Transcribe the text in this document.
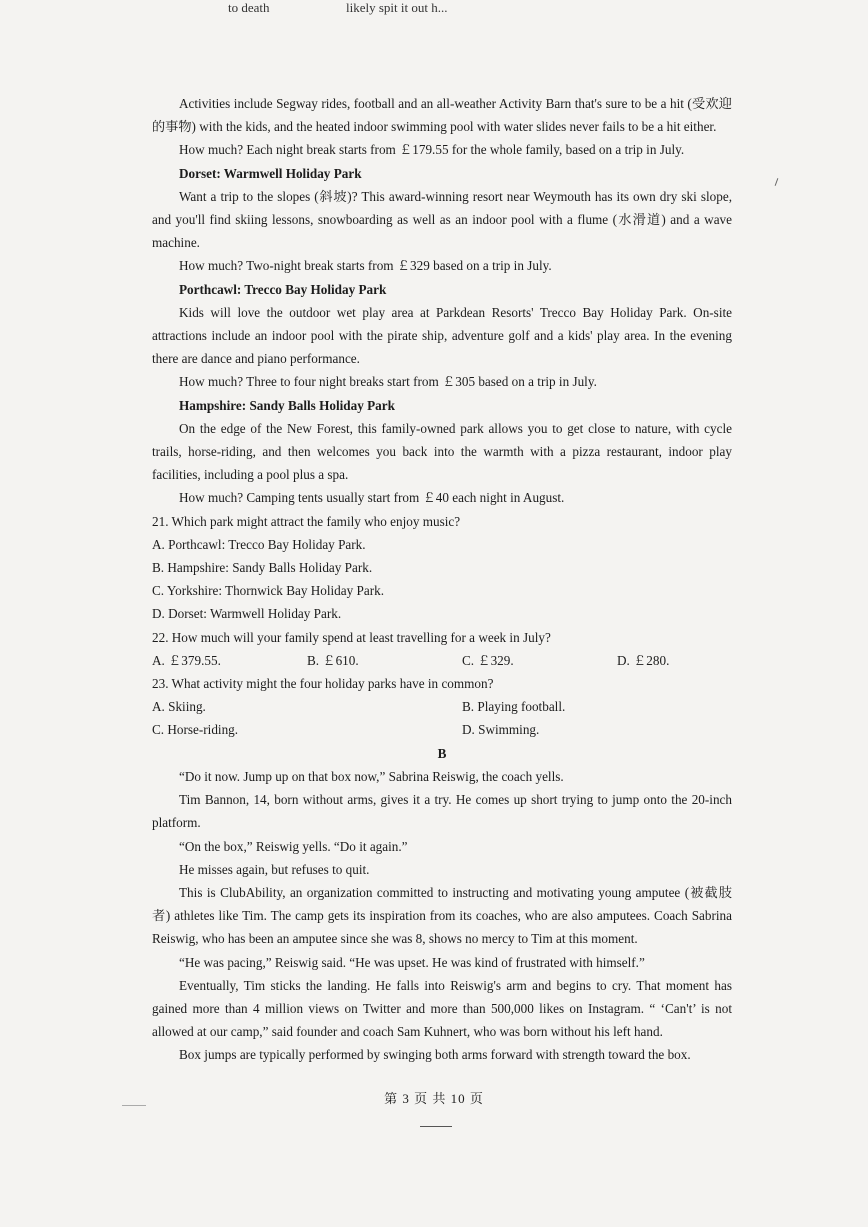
to death	likely spit it out h...

Activities include Segway rides, football and an all-weather Activity Barn that's sure to be a hit (受欢迎的事物) with the kids, and the heated indoor swimming pool with water slides never fails to be a hit either.

How much? Each night break starts from ￡179.55 for the whole family, based on a trip in July.

Dorset: Warmwell Holiday Park

Want a trip to the slopes (斜坡)? This award-winning resort near Weymouth has its own dry ski slope, and you'll find skiing lessons, snowboarding as well as an indoor pool with a flume (水滑道) and a wave machine.

How much? Two-night break starts from ￡329 based on a trip in July.

Porthcawl: Trecco Bay Holiday Park

Kids will love the outdoor wet play area at Parkdean Resorts' Trecco Bay Holiday Park. On-site attractions include an indoor pool with the pirate ship, adventure golf and a kids' play area. In the evening there are dance and piano performance.

How much? Three to four night breaks start from ￡305 based on a trip in July.

Hampshire: Sandy Balls Holiday Park

On the edge of the New Forest, this family-owned park allows you to get close to nature, with cycle trails, horse-riding, and then welcomes you back into the warmth with a pizza restaurant, indoor play facilities, including a pool plus a spa.

How much? Camping tents usually start from ￡40 each night in August.

21. Which park might attract the family who enjoy music?

A. Porthcawl: Trecco Bay Holiday Park.

B. Hampshire: Sandy Balls Holiday Park.

C. Yorkshire: Thornwick Bay Holiday Park.

D. Dorset: Warmwell Holiday Park.

22. How much will your family spend at least travelling for a week in July?

A. ￡379.55.	B. ￡610.	C. ￡329.	D. ￡280.

23. What activity might the four holiday parks have in common?

A. Skiing.	B. Playing football.
C. Horse-riding.	D. Swimming.

B

“Do it now. Jump up on that box now,” Sabrina Reiswig, the coach yells.

Tim Bannon, 14, born without arms, gives it a try. He comes up short trying to jump onto the 20-inch platform.

“On the box,” Reiswig yells. “Do it again.”

He misses again, but refuses to quit.

This is ClubAbility, an organization committed to instructing and motivating young amputee (被截肢者) athletes like Tim. The camp gets its inspiration from its coaches, who are also amputees. Coach Sabrina Reiswig, who has been an amputee since she was 8, shows no mercy to Tim at this moment.

“He was pacing,” Reiswig said. “He was upset. He was kind of frustrated with himself.”

Eventually, Tim sticks the landing. He falls into Reiswig's arm and begins to cry. That moment has gained more than 4 million views on Twitter and more than 500,000 likes on Instagram. “ ‘Can't’ is not allowed at our camp,” said founder and coach Sam Kuhnert, who was born without his left hand.

Box jumps are typically performed by swinging both arms forward with strength toward the box.

第 3 页 共 10 页
